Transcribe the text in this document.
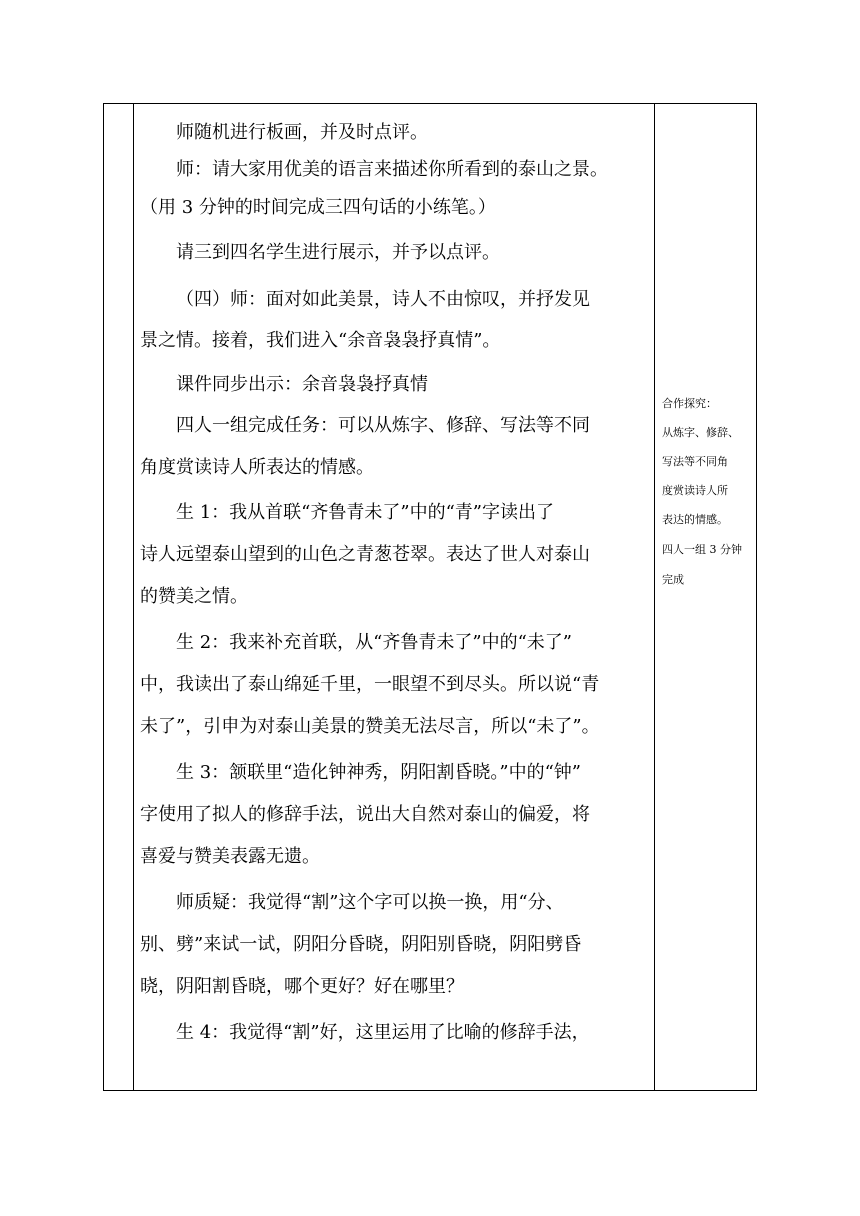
师随机进行板画，并及时点评。

师：请大家用优美的语言来描述你所看到的泰山之景。

（用 3 分钟的时间完成三四句话的小练笔。）

请三到四名学生进行展示，并予以点评。

（四）师：面对如此美景，诗人不由惊叹，并抒发见

景之情。接着，我们进入“余音袅袅抒真情”。

课件同步出示：余音袅袅抒真情

四人一组完成任务：可以从炼字、修辞、写法等不同

角度赏读诗人所表达的情感。

生 1：我从首联“齐鲁青未了”中的“青”字读出了

诗人远望泰山望到的山色之青葱苍翠。表达了世人对泰山

的赞美之情。

生 2：我来补充首联，从“齐鲁青未了”中的“未了”

中，我读出了泰山绵延千里，一眼望不到尽头。所以说“青

未了”，引申为对泰山美景的赞美无法尽言，所以“未了”。

生 3：颔联里“造化钟神秀，阴阳割昏晓。”中的“钟”

字使用了拟人的修辞手法，说出大自然对泰山的偏爱，将

喜爱与赞美表露无遗。

师质疑：我觉得“割”这个字可以换一换，用“分、

别、劈”来试一试，阴阳分昏晓，阴阳别昏晓，阴阳劈昏

晓，阴阳割昏晓，哪个更好？好在哪里？

生 4：我觉得“割”好，这里运用了比喻的修辞手法，

合作探究：

从炼字、修辞、

写法等不同角

度赏读诗人所

表达的情感。

四人一组 3 分钟

完成
